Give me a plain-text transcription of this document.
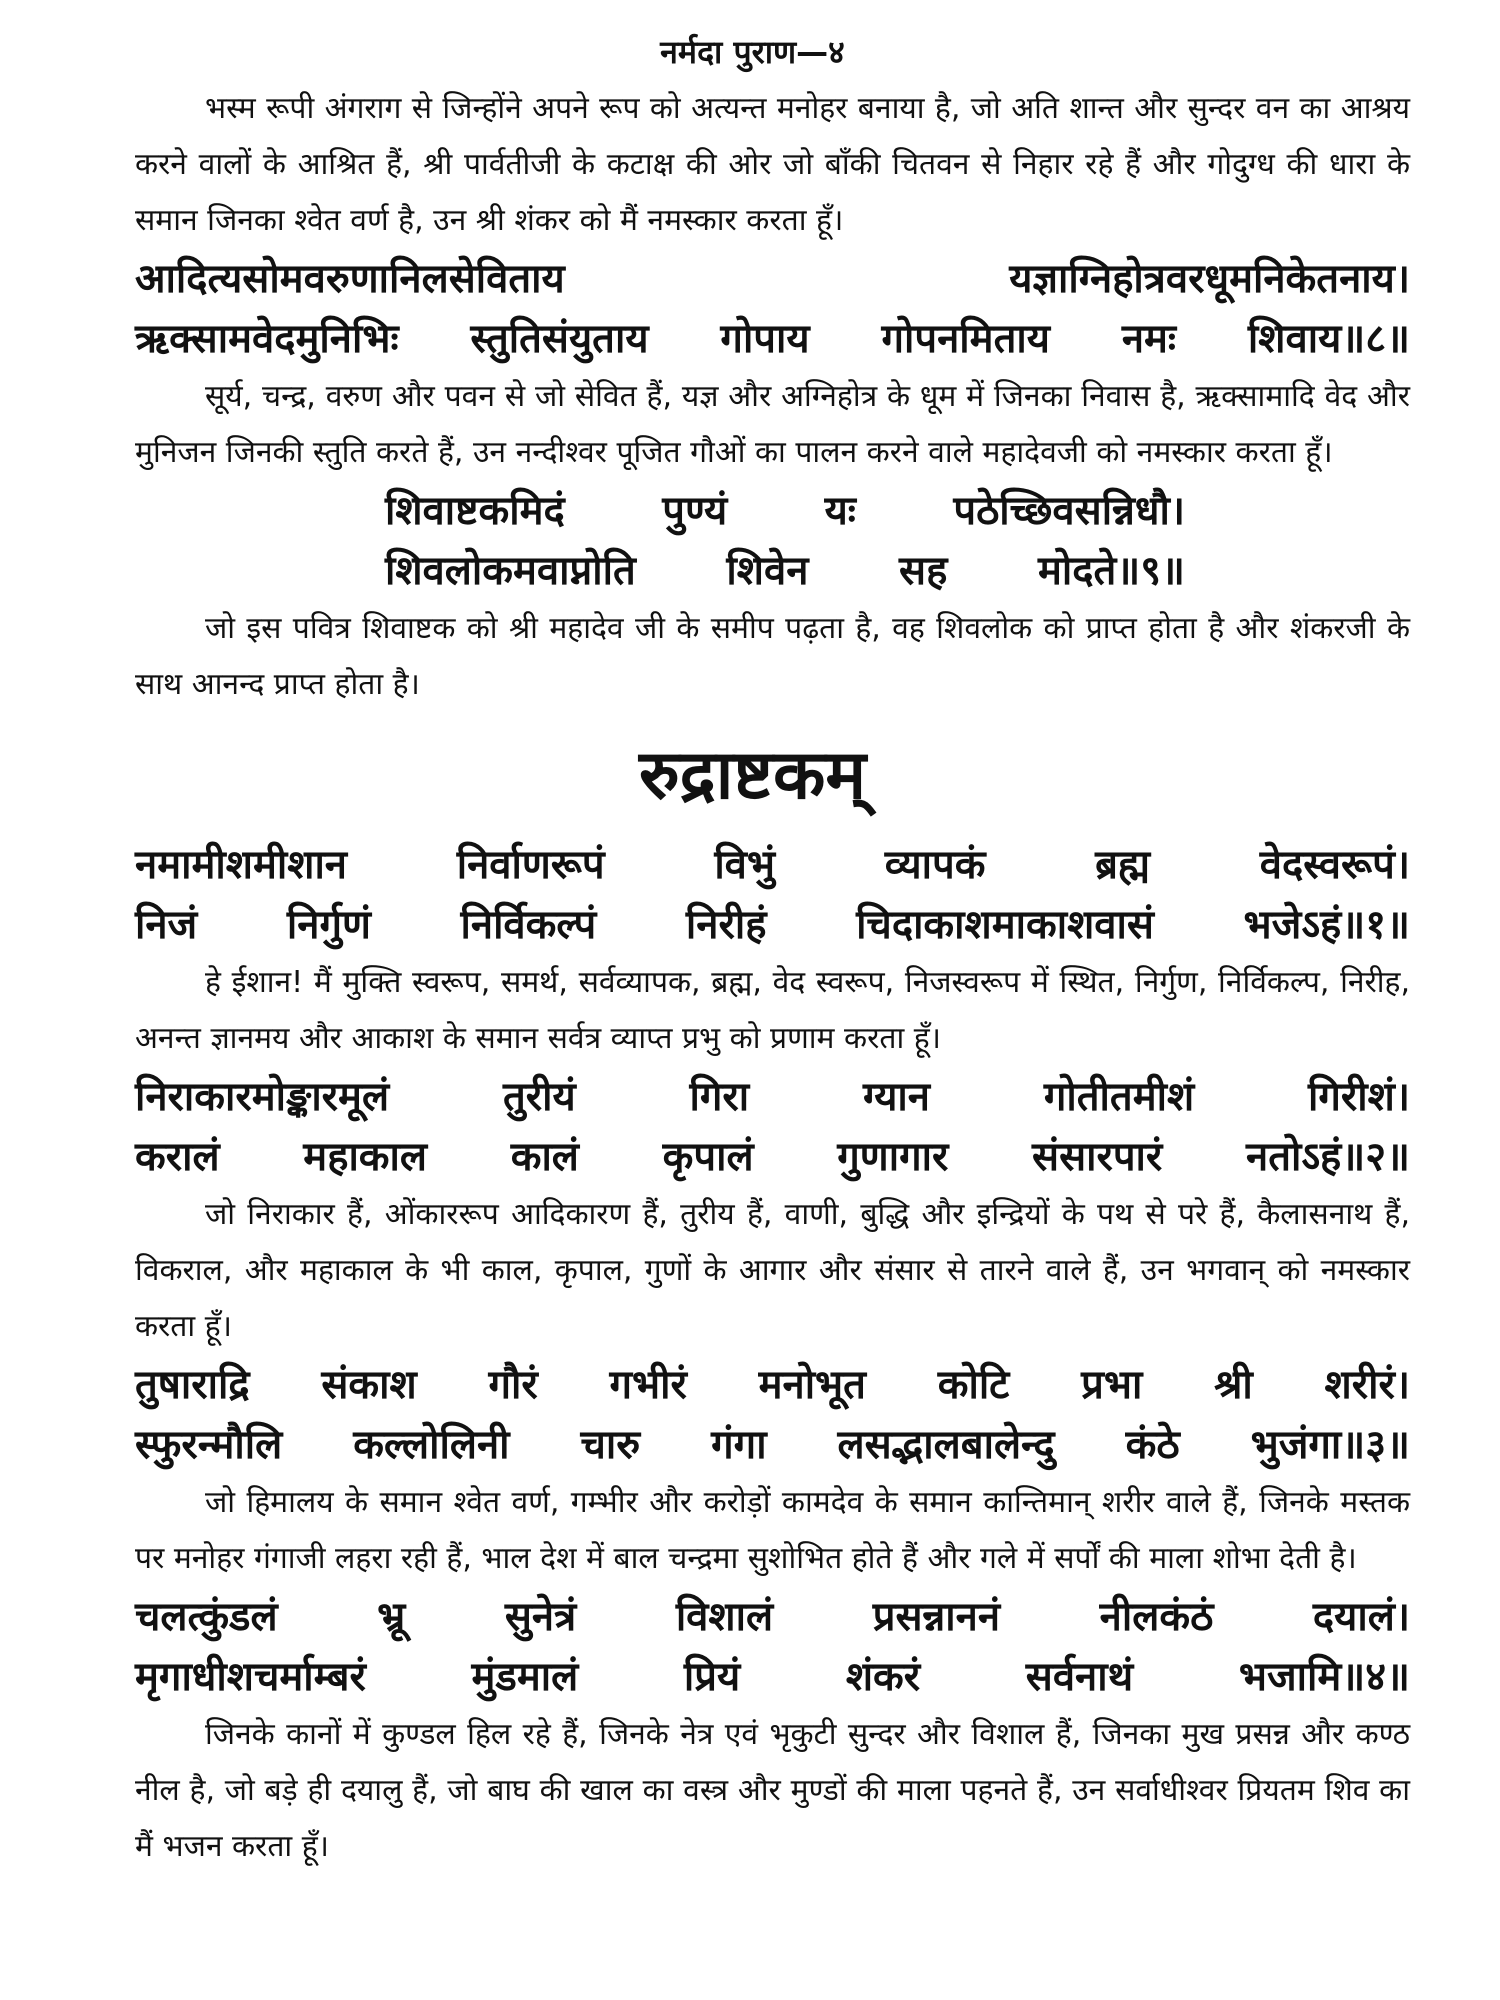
नर्मदा पुराण—४

भस्म रूपी अंगराग से जिन्होंने अपने रूप को अत्यन्त मनोहर बनाया है, जो अति शान्त और सुन्दर वन का आश्रय करने वालों के आश्रित हैं, श्री पार्वतीजी के कटाक्ष की ओर जो बाँकी चितवन से निहार रहे हैं और गोदुग्ध की धारा के समान जिनका श्वेत वर्ण है, उन श्री शंकर को मैं नमस्कार करता हूँ।

आदित्यसोमवरुणानिलसेविताय यज्ञाग्निहोत्रवरधूमनिकेतनाय।

ऋक्सामवेदमुनिभिः स्तुतिसंयुताय गोपाय गोपनमिताय नमः शिवाय॥८॥

सूर्य, चन्द्र, वरुण और पवन से जो सेवित हैं, यज्ञ और अग्निहोत्र के धूम में जिनका निवास है, ऋक्सामादि वेद और मुनिजन जिनकी स्तुति करते हैं, उन नन्दीश्वर पूजित गौओं का पालन करने वाले महादेवजी को नमस्कार करता हूँ।

शिवाष्टकमिदं पुण्यं यः पठेच्छिवसन्निधौ।

शिवलोकमवाप्नोति शिवेन सह मोदते॥९॥

जो इस पवित्र शिवाष्टक को श्री महादेव जी के समीप पढ़ता है, वह शिवलोक को प्राप्त होता है और शंकरजी के साथ आनन्द प्राप्त होता है।

रुद्राष्टकम्

नमामीशमीशान निर्वाणरूपं विभुं व्यापकं ब्रह्म वेदस्वरूपं।

निजं निर्गुणं निर्विकल्पं निरीहं चिदाकाशमाकाशवासं भजेऽहं॥१॥

हे ईशान! मैं मुक्ति स्वरूप, समर्थ, सर्वव्यापक, ब्रह्म, वेद स्वरूप, निजस्वरूप में स्थित, निर्गुण, निर्विकल्प, निरीह, अनन्त ज्ञानमय और आकाश के समान सर्वत्र व्याप्त प्रभु को प्रणाम करता हूँ।

निराकारमोङ्कारमूलं तुरीयं गिरा ग्यान गोतीतमीशं गिरीशं।

करालं महाकाल कालं कृपालं गुणागार संसारपारं नतोऽहं॥२॥

जो निराकार हैं, ओंकाररूप आदिकारण हैं, तुरीय हैं, वाणी, बुद्धि और इन्द्रियों के पथ से परे हैं, कैलासनाथ हैं, विकराल, और महाकाल के भी काल, कृपाल, गुणों के आगार और संसार से तारने वाले हैं, उन भगवान् को नमस्कार करता हूँ।

तुषाराद्रि संकाश गौरं गभीरं मनोभूत कोटि प्रभा श्री शरीरं।

स्फुरन्मौलि कल्लोलिनी चारु गंगा लसद्भालबालेन्दु कंठे भुजंगा॥३॥

जो हिमालय के समान श्वेत वर्ण, गम्भीर और करोड़ों कामदेव के समान कान्तिमान् शरीर वाले हैं, जिनके मस्तक पर मनोहर गंगाजी लहरा रही हैं, भाल देश में बाल चन्द्रमा सुशोभित होते हैं और गले में सर्पों की माला शोभा देती है।

चलत्कुंडलं भ्रू सुनेत्रं विशालं प्रसन्नाननं नीलकंठं दयालं।

मृगाधीशचर्माम्बरं मुंडमालं प्रियं शंकरं सर्वनाथं भजामि॥४॥

जिनके कानों में कुण्डल हिल रहे हैं, जिनके नेत्र एवं भृकुटी सुन्दर और विशाल हैं, जिनका मुख प्रसन्न और कण्ठ नील है, जो बड़े ही दयालु हैं, जो बाघ की खाल का वस्त्र और मुण्डों की माला पहनते हैं, उन सर्वाधीश्वर प्रियतम शिव का मैं भजन करता हूँ।
